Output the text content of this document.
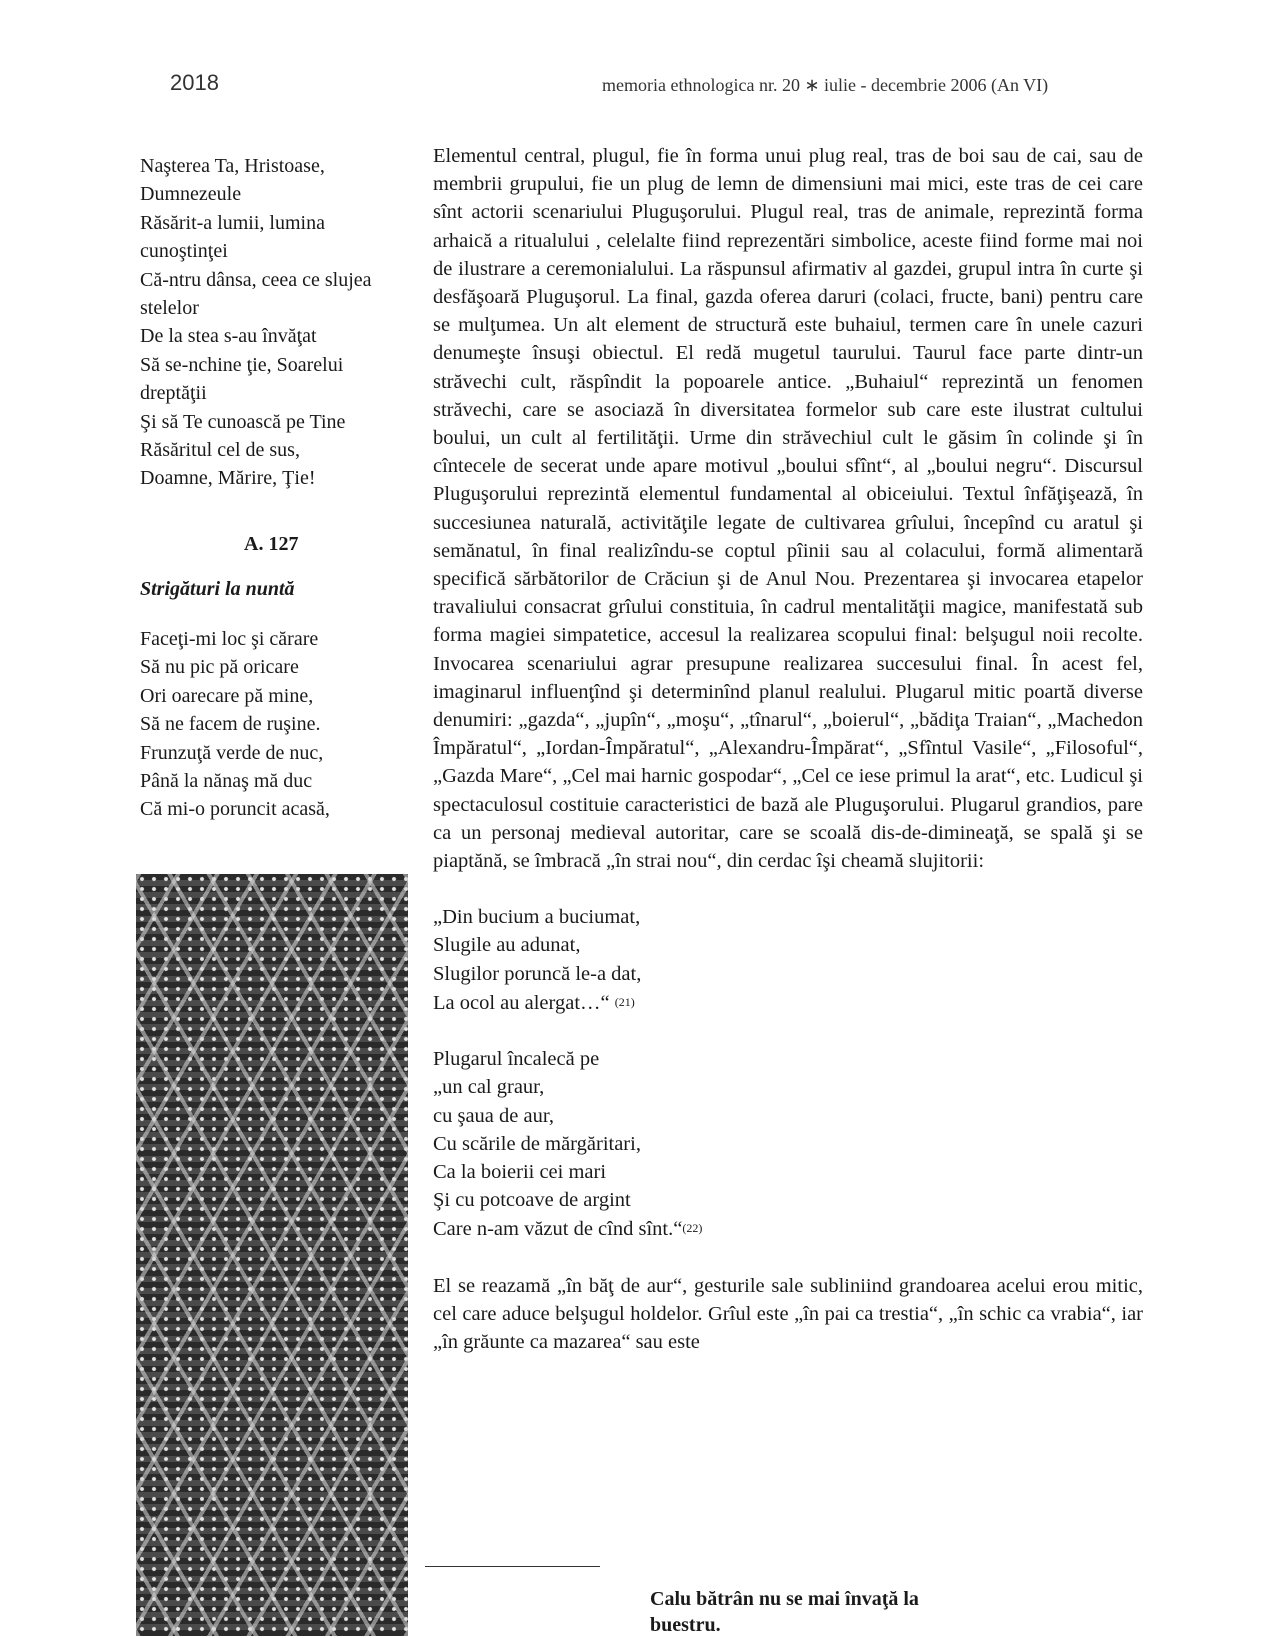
2018	memoria ethnologica nr. 20 ∗ iulie - decembrie 2006 (An VI)
Naşterea Ta, Hristoase,
Dumnezeule
Răsărit-a lumii, lumina
cunoştinţei
Că-ntru dânsa, ceea ce slujea
stelelor
De la stea s-au învăţat
Să se-nchine ţie, Soarelui
dreptăţii
Şi să Te cunoască pe Tine
Răsăritul cel de sus,
Doamne, Mărire, Ţie!
A. 127
Strigături la nuntă
Faceţi-mi loc şi cărare
Să nu pic pă oricare
Ori oarecare pă mine,
Să ne facem de ruşine.
Frunzuţă verde de nuc,
Până la nănaş mă duc
Că mi-o poruncit acasă,

Elementul central, plugul, fie în forma unui plug real, tras de boi sau de cai, sau de membrii grupului, fie un plug de lemn de dimensiuni mai mici, este tras de cei care sînt actorii scenariului Pluguşorului. Plugul real, tras de animale, reprezintă forma arhaică a ritualului , celelalte fiind reprezentări simbolice, aceste fiind forme mai noi de ilustrare a ceremonialului. La răspunsul afirmativ al gazdei, grupul intra în curte şi desfăşoară Pluguşorul. La final, gazda oferea daruri (colaci, fructe, bani) pentru care se mulţumea. Un alt element de structură este buhaiul, termen care în unele cazuri denumeşte însuşi obiectul. El redă mugetul taurului. Taurul face parte dintr-un străvechi cult, răspîndit la popoarele antice. „Buhaiul“ reprezintă un fenomen străvechi, care se asociază în diversitatea formelor sub care este ilustrat cultului boului, un cult al fertilităţii. Urme din străvechiul cult le găsim în colinde şi în cîntecele de secerat unde apare motivul „boului sfînt“, al „boului negru“. Discursul Pluguşorului reprezintă elementul fundamental al obiceiului. Textul înfăţişează, în succesiunea naturală, activităţile legate de cultivarea grîului, începînd cu aratul şi semănatul, în final realizîndu-se coptul pîinii sau al colacului, formă alimentară specifică sărbătorilor de Crăciun şi de Anul Nou. Prezentarea şi invocarea etapelor travaliului consacrat grîului constituia, în cadrul mentalităţii magice, manifestată sub forma magiei simpatetice, accesul la realizarea scopului final: belşugul noii recolte. Invocarea scenariului agrar presupune realizarea succesului final. În acest fel, imaginarul influenţînd şi determinînd planul realului. Plugarul mitic poartă diverse denumiri: „gazda“, „jupîn“, „moşu“, „tînarul“, „boierul“, „bădiţa Traian“, „Machedon Împăratul“, „Iordan-Împăratul“, „Alexandru-Împărat“, „Sfîntul Vasile“, „Filosoful“, „Gazda Mare“, „Cel mai harnic gospodar“, „Cel ce iese primul la arat“, etc. Ludicul şi spectaculosul costituie caracteristici de bază ale Pluguşorului. Plugarul grandios, pare ca un personaj medieval autoritar, care se scoală dis-de-dimineaţă, se spală şi se piaptănă, se îmbracă „în strai nou“, din cerdac îşi cheamă slujitorii:

„Din bucium a buciumat,
Slugile au adunat,
Slugilor poruncă le-a dat,
La ocol au alergat…“ $^{(21)}$
Plugarul încalecă pe
„un cal graur,
cu şaua de aur,
Cu scările de mărgăritari,
Ca la boierii cei mari
Şi cu potcoave de argint
Care n-am văzut de cînd sînt.“$^{(22)}$

El se reazamă „în băţ de aur“, gesturile sale subliniind grandoarea acelui erou mitic, cel care aduce belşugul holdelor. Grîul este „în pai ca trestia“, „în schic ca vrabia“, iar „în grăunte ca mazarea“ sau este

Calu bătrân nu se mai învaţă la buestru.
